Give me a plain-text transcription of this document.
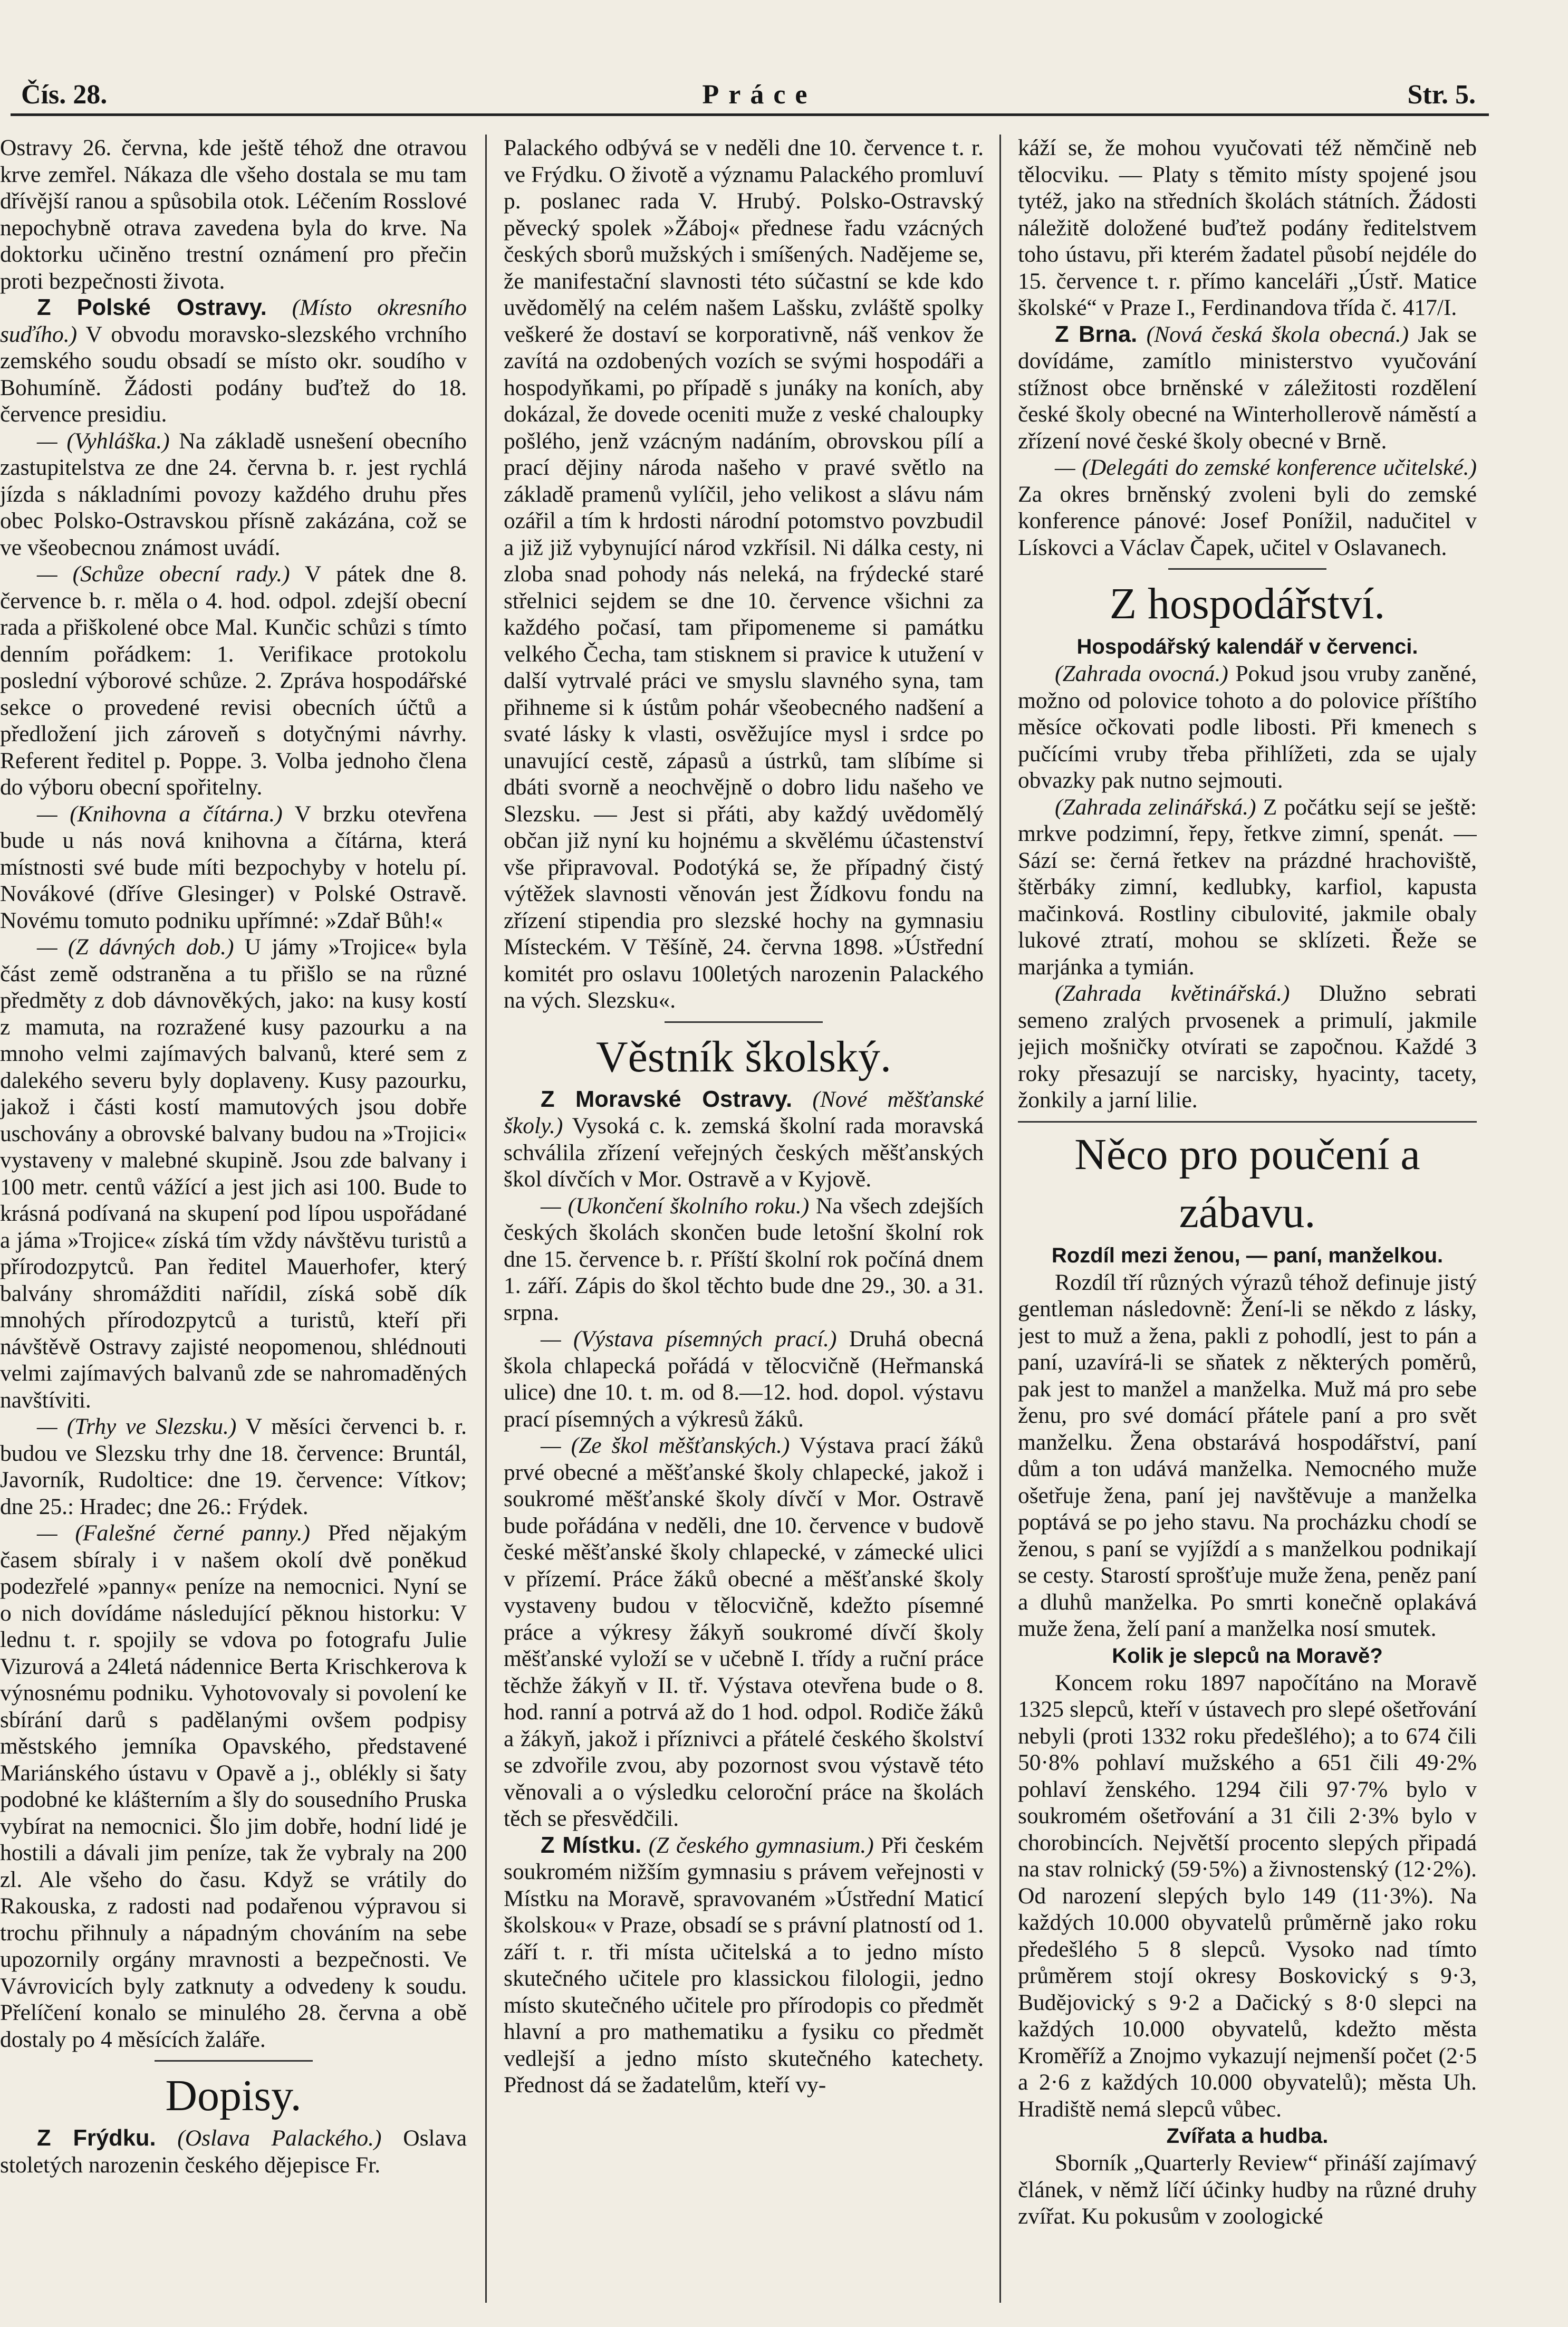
Čís. 28.	Práce	Str. 5.

Ostravy 26. června, kde ještě téhož dne otravou krve zemřel. Nákaza dle všeho dostala se mu tam dřívější ranou a spůsobila otok. Léčením Rosslové nepochybně otrava zavedena byla do krve. Na doktorku učiněno trestní oznámení pro přečin proti bezpečnosti života.

Z Polské Ostravy. (Místo okresního suďího.) V obvodu moravsko-slezského vrchního zemského soudu obsadí se místo okr. soudího v Bohumíně. Žádosti podány buďtež do 18. července presidiu.

— (Vyhláška.) Na základě usnešení obecního zastupitelstva ze dne 24. června b. r. jest rychlá jízda s nákladními povozy každého druhu přes obec Polsko-Ostravskou přísně zakázána, což se ve všeobecnou známost uvádí.

— (Schůze obecní rady.) V pátek dne 8. července b. r. měla o 4. hod. odpol. zdejší obecní rada a přiškolené obce Mal. Kunčic schůzi s tímto denním pořádkem: 1. Verifikace protokolu poslední výborové schůze. 2. Zpráva hospodářské sekce o provedené revisi obecních účtů a předložení jich zároveň s dotyčnými návrhy. Referent ředitel p. Poppe. 3. Volba jednoho člena do výboru obecní spořitelny.

— (Knihovna a čítárna.) V brzku otevřena bude u nás nová knihovna a čítárna, která místnosti své bude míti bezpochyby v hotelu pí. Novákové (dříve Glesinger) v Polské Ostravě. Novému tomuto podniku upřímné: »Zdař Bůh!«

— (Z dávných dob.) U jámy »Trojice« byla část země odstraněna a tu přišlo se na různé předměty z dob dávnověkých, jako: na kusy kostí z mamuta, na rozražené kusy pazourku a na mnoho velmi zajímavých balvanů, které sem z dalekého severu byly doplaveny. Kusy pazourku, jakož i části kostí mamutových jsou dobře uschovány a obrovské balvany budou na »Trojici« vystaveny v malebné skupině. Jsou zde balvany i 100 metr. centů vážící a jest jich asi 100. Bude to krásná podívaná na skupení pod lípou uspořádané a jáma »Trojice« získá tím vždy návštěvu turistů a přírodozpytců. Pan ředitel Mauerhofer, který balvány shromážditi nařídil, získá sobě dík mnohých přírodozpytců a turistů, kteří při návštěvě Ostravy zajisté neopomenou, shlédnouti velmi zajímavých balvanů zde se nahromaděných navštíviti.

— (Trhy ve Slezsku.) V měsíci červenci b. r. budou ve Slezsku trhy dne 18. července: Bruntál, Javorník, Rudoltice: dne 19. července: Vítkov; dne 25.: Hradec; dne 26.: Frýdek.

— (Falešné černé panny.) Před nějakým časem sbíraly i v našem okolí dvě poněkud podezřelé »panny« peníze na nemocnici. Nyní se o nich dovídáme následující pěknou historku: V lednu t. r. spojily se vdova po fotografu Julie Vizurová a 24letá nádennice Berta Krischkerova k výnosnému podniku. Vyhotovovaly si povolení ke sbírání darů s padělanými ovšem podpisy městského jemníka Opavského, představené Mariánského ústavu v Opavě a j., oblékly si šaty podobné ke klášterním a šly do sousedního Pruska vybírat na nemocnici. Šlo jim dobře, hodní lidé je hostili a dávali jim peníze, tak že vybraly na 200 zl. Ale všeho do času. Když se vrátily do Rakouska, z radosti nad podařenou výpravou si trochu přihnuly a nápadným chováním na sebe upozornily orgány mravnosti a bezpečnosti. Ve Vávrovicích byly zatknuty a odvedeny k soudu. Přelíčení konalo se minulého 28. června a obě dostaly po 4 měsících žaláře.

Dopisy.

Z Frýdku. (Oslava Palackého.) Oslava stoletých narozenin českého dějepisce Fr.

Palackého odbývá se v neděli dne 10. července t. r. ve Frýdku. O životě a významu Palackého promluví p. poslanec rada V. Hrubý. Polsko-Ostravský pěvecký spolek »Žáboj« přednese řadu vzácných českých sborů mužských i smíšených. Nadějeme se, že manifestační slavnosti této súčastní se kde kdo uvědomělý na celém našem Lašsku, zvláště spolky veškeré že dostaví se korporativně, náš venkov že zavítá na ozdobených vozích se svými hospodáři a hospodyňkami, po případě s junáky na koních, aby dokázal, že dovede oceniti muže z veské chaloupky pošlého, jenž vzácným nadáním, obrovskou pílí a prací dějiny národa našeho v pravé světlo na základě pramenů vylíčil, jeho velikost a slávu nám ozářil a tím k hrdosti národní potomstvo povzbudil a již již vybynující národ vzkřísil. Ni dálka cesty, ni zloba snad pohody nás neleká, na frýdecké staré střelnici sejdem se dne 10. července všichni za každého počasí, tam připomeneme si památku velkého Čecha, tam stisknem si pravice k utužení v další vytrvalé práci ve smyslu slavného syna, tam přihneme si k ústům pohár všeobecného nadšení a svaté lásky k vlasti, osvěžujíce mysl i srdce po unavující cestě, zápasů a ústrků, tam slíbíme si dbáti svorně a neochvějně o dobro lidu našeho ve Slezsku. — Jest si přáti, aby každý uvědomělý občan již nyní ku hojnému a skvělému účastenství vše připravoval. Podotýká se, že případný čistý výtěžek slavnosti věnován jest Žídkovu fondu na zřízení stipendia pro slezské hochy na gymnasiu Místeckém. V Těšíně, 24. června 1898. »Ústřední komitét pro oslavu 100letých narozenin Palackého na vých. Slezsku«.

Věstník školský.

Z Moravské Ostravy. (Nové měšťanské školy.) Vysoká c. k. zemská školní rada moravská schválila zřízení veřejných českých měšťanských škol dívčích v Mor. Ostravě a v Kyjově.

— (Ukončení školního roku.) Na všech zdejších českých školách skončen bude letošní školní rok dne 15. července b. r. Příští školní rok počíná dnem 1. září. Zápis do škol těchto bude dne 29., 30. a 31. srpna.

— (Výstava písemných prací.) Druhá obecná škola chlapecká pořádá v tělocvičně (Heřmanská ulice) dne 10. t. m. od 8.—12. hod. dopol. výstavu prací písemných a výkresů žáků.

— (Ze škol měšťanských.) Výstava prací žáků prvé obecné a měšťanské školy chlapecké, jakož i soukromé měšťanské školy dívčí v Mor. Ostravě bude pořádána v neděli, dne 10. července v budově české měšťanské školy chlapecké, v zámecké ulici v přízemí. Práce žáků obecné a měšťanské školy vystaveny budou v tělocvičně, kdežto písemné práce a výkresy žákyň soukromé dívčí školy měšťanské vyloží se v učebně I. třídy a ruční práce těchže žákyň v II. tř. Výstava otevřena bude o 8. hod. ranní a potrvá až do 1 hod. odpol. Rodiče žáků a žákyň, jakož i příznivci a přátelé českého školství se zdvořile zvou, aby pozornost svou výstavě této věnovali a o výsledku celoroční práce na školách těch se přesvědčili.

Z Místku. (Z českého gymnasium.) Při českém soukromém nižším gymnasiu s právem veřejnosti v Místku na Moravě, spravovaném »Ústřední Maticí školskou« v Praze, obsadí se s právní platností od 1. září t. r. tři místa učitelská a to jedno místo skutečného učitele pro klassickou filologii, jedno místo skutečného učitele pro přírodopis co předmět hlavní a pro mathematiku a fysiku co předmět vedlejší a jedno místo skutečného katechety. Přednost dá se žadatelům, kteří vy-

káží se, že mohou vyučovati též němčině neb tělocviku. — Platy s těmito místy spojené jsou tytéž, jako na středních školách státních. Žádosti náležitě doložené buďtež podány ředitelstvem toho ústavu, při kterém žadatel působí nejdéle do 15. července t. r. přímo kanceláři „Ústř. Matice školské“ v Praze I., Ferdinandova třída č. 417/I.

Z Brna. (Nová česká škola obecná.) Jak se dovídáme, zamítlo ministerstvo vyučování stížnost obce brněnské v záležitosti rozdělení české školy obecné na Winterhollerově náměstí a zřízení nové české školy obecné v Brně.

— (Delegáti do zemské konference učitelské.) Za okres brněnský zvoleni byli do zemské konference pánové: Josef Ponížil, nadučitel v Lískovci a Václav Čapek, učitel v Oslavanech.

Z hospodářství.

Hospodářský kalendář v červenci.

(Zahrada ovocná.) Pokud jsou vruby zaněné, možno od polovice tohoto a do polovice příštího měsíce očkovati podle libosti. Při kmenech s pučícími vruby třeba přihlížeti, zda se ujaly obvazky pak nutno sejmouti.

(Zahrada zelinářská.) Z počátku sejí se ještě: mrkve podzimní, řepy, řetkve zimní, spenát. — Sází se: černá řetkev na prázdné hrachoviště, štěrbáky zimní, kedlubky, karfiol, kapusta mačinková. Rostliny cibulovité, jakmile obaly lukové ztratí, mohou se sklízeti. Řeže se marjánka a tymián.

(Zahrada květinářská.) Dlužno sebrati semeno zralých prvosenek a primulí, jakmile jejich mošničky otvírati se započnou. Každé 3 roky přesazují se narcisky, hyacinty, tacety, žonkily a jarní lilie.

Něco pro poučení a zábavu.

Rozdíl mezi ženou, — paní, manželkou.

Rozdíl tří různých výrazů téhož definuje jistý gentleman následovně: Žení-li se někdo z lásky, jest to muž a žena, pakli z pohodlí, jest to pán a paní, uzavírá-li se sňatek z některých poměrů, pak jest to manžel a manželka. Muž má pro sebe ženu, pro své domácí přátele paní a pro svět manželku. Žena obstarává hospodářství, paní dům a ton udává manželka. Nemocného muže ošetřuje žena, paní jej navštěvuje a manželka poptává se po jeho stavu. Na procházku chodí se ženou, s paní se vyjíždí a s manželkou podnikají se cesty. Starostí sprošťuje muže žena, peněz paní a dluhů manželka. Po smrti konečně oplakává muže žena, želí paní a manželka nosí smutek.

Kolik je slepců na Moravě?

Koncem roku 1897 napočítáno na Moravě 1325 slepců, kteří v ústavech pro slepé ošetřování nebyli (proti 1332 roku předešlého); a to 674 čili 50·8% pohlaví mužského a 651 čili 49·2% pohlaví ženského. 1294 čili 97·7% bylo v soukromém ošetřování a 31 čili 2·3% bylo v chorobincích. Největší procento slepých připadá na stav rolnický (59·5%) a živnostenský (12·2%). Od narození slepých bylo 149 (11·3%). Na každých 10.000 obyvatelů průměrně jako roku předešlého 5 8 slepců. Vysoko nad tímto průměrem stojí okresy Boskovický s 9·3, Budějovický s 9·2 a Dačický s 8·0 slepci na každých 10.000 obyvatelů, kdežto města Kroměříž a Znojmo vykazují nejmenší počet (2·5 a 2·6 z každých 10.000 obyvatelů); města Uh. Hradiště nemá slepců vůbec.

Zvířata a hudba.

Sborník „Quarterly Review“ přináší zajímavý článek, v němž líčí účinky hudby na různé druhy zvířat. Ku pokusům v zoologické
